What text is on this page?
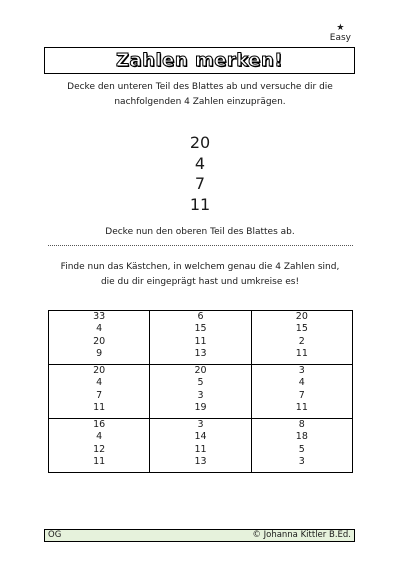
★
Easy
Zahlen merken!
Decke den unteren Teil des Blattes ab und versuche dir die
nachfolgenden 4 Zahlen einzuprägen.
20
4
7
11
Decke nun den oberen Teil des Blattes ab.
Finde nun das Kästchen, in welchem genau die 4 Zahlen sind,
die du dir eingeprägt hast und umkreise es!
33
4
20
9	6
15
11
13	20
15
2
11

20
4
7
11	20
5
3
19	3
4
7
11

16
4
12
11	3
14
11
13	8
18
5
3
OG	© Johanna Kittler B.Ed.
